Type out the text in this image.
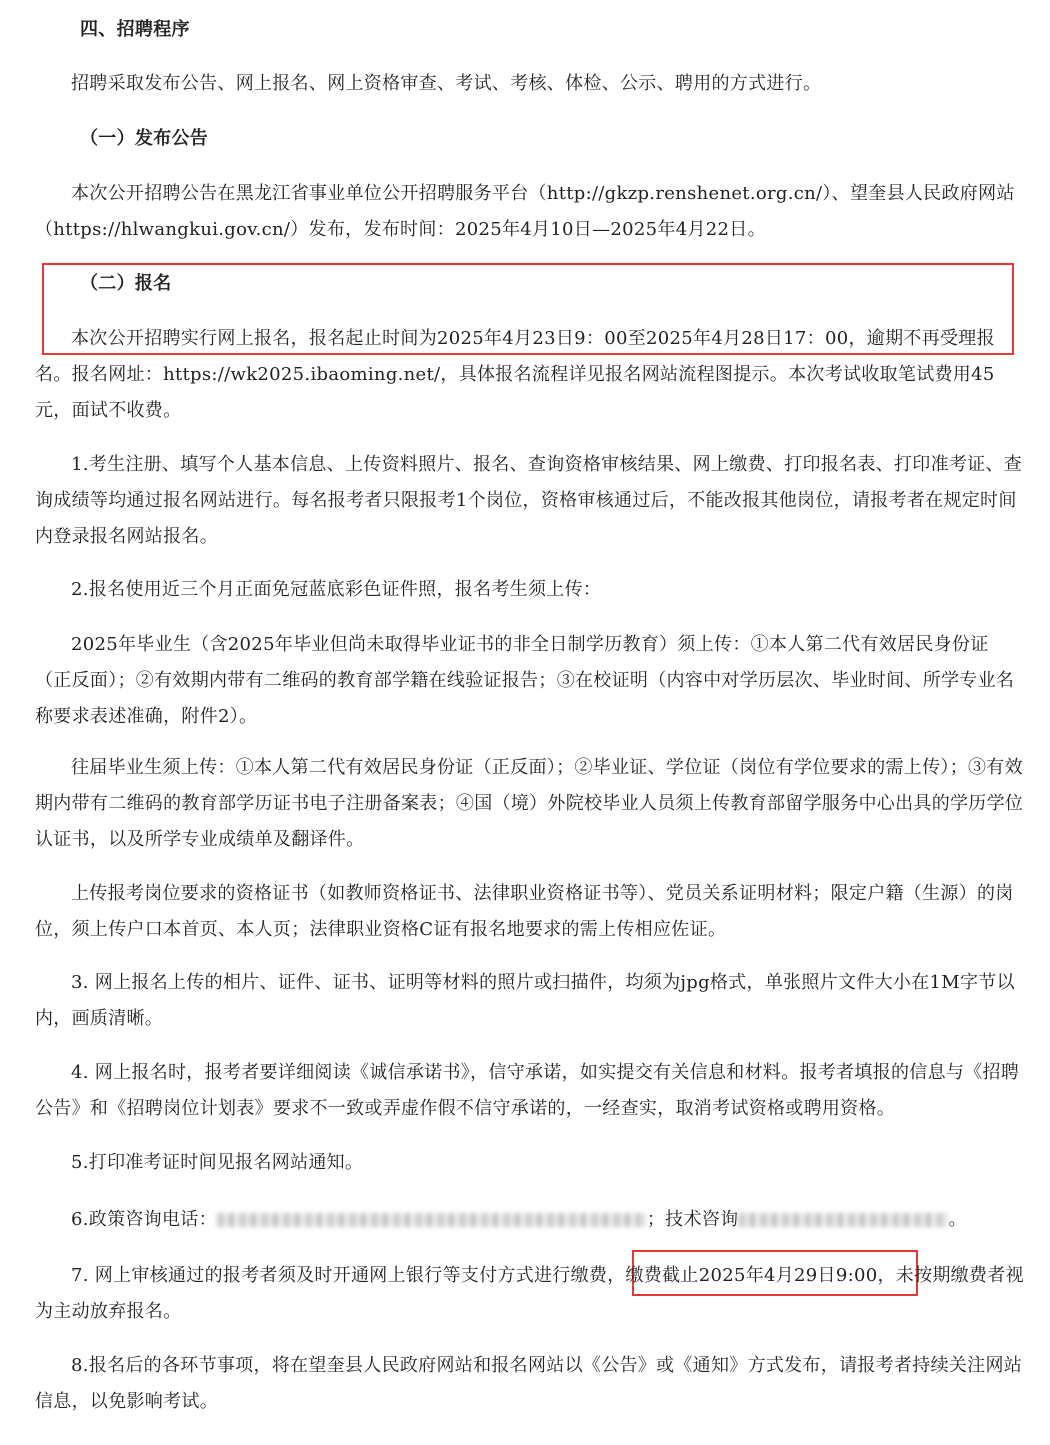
四、招聘程序

招聘采取发布公告、网上报名、网上资格审查、考试、考核、体检、公示、聘用的方式进行。

（一）发布公告

本次公开招聘公告在黑龙江省事业单位公开招聘服务平台（http://gkzp.renshenet.org.cn/）、望奎县人民政府网站（https://hlwangkui.gov.cn/）发布，发布时间：2025年4月10日—2025年4月22日。

（二）报名

本次公开招聘实行网上报名，报名起止时间为2025年4月23日9：00至2025年4月28日17：00，逾期不再受理报名。报名网址：https://wk2025.ibaoming.net/，具体报名流程详见报名网站流程图提示。本次考试收取笔试费用45元，面试不收费。

1.考生注册、填写个人基本信息、上传资料照片、报名、查询资格审核结果、网上缴费、打印报名表、打印准考证、查询成绩等均通过报名网站进行。每名报考者只限报考1个岗位，资格审核通过后，不能改报其他岗位，请报考者在规定时间内登录报名网站报名。

2.报名使用近三个月正面免冠蓝底彩色证件照，报名考生须上传：

2025年毕业生（含2025年毕业但尚未取得毕业证书的非全日制学历教育）须上传：①本人第二代有效居民身份证（正反面）；②有效期内带有二维码的教育部学籍在线验证报告；③在校证明（内容中对学历层次、毕业时间、所学专业名称要求表述准确，附件2）。

往届毕业生须上传：①本人第二代有效居民身份证（正反面）；②毕业证、学位证（岗位有学位要求的需上传）；③有效期内带有二维码的教育部学历证书电子注册备案表；④国（境）外院校毕业人员须上传教育部留学服务中心出具的学历学位认证书，以及所学专业成绩单及翻译件。

上传报考岗位要求的资格证书（如教师资格证书、法律职业资格证书等）、党员关系证明材料；限定户籍（生源）的岗位，须上传户口本首页、本人页；法律职业资格C证有报名地要求的需上传相应佐证。

3. 网上报名上传的相片、证件、证书、证明等材料的照片或扫描件，均须为jpg格式，单张照片文件大小在1M字节以内，画质清晰。

4. 网上报名时，报考者要详细阅读《诚信承诺书》，信守承诺，如实提交有关信息和材料。报考者填报的信息与《招聘公告》和《招聘岗位计划表》要求不一致或弄虚作假不信守承诺的，一经查实，取消考试资格或聘用资格。

5.打印准考证时间见报名网站通知。

6.政策咨询电话：	；技术咨询	。

7. 网上审核通过的报考者须及时开通网上银行等支付方式进行缴费，缴费截止2025年4月29日9:00，未按期缴费者视为主动放弃报名。

8.报名后的各环节事项，将在望奎县人民政府网站和报名网站以《公告》或《通知》方式发布，请报考者持续关注网站信息，以免影响考试。
